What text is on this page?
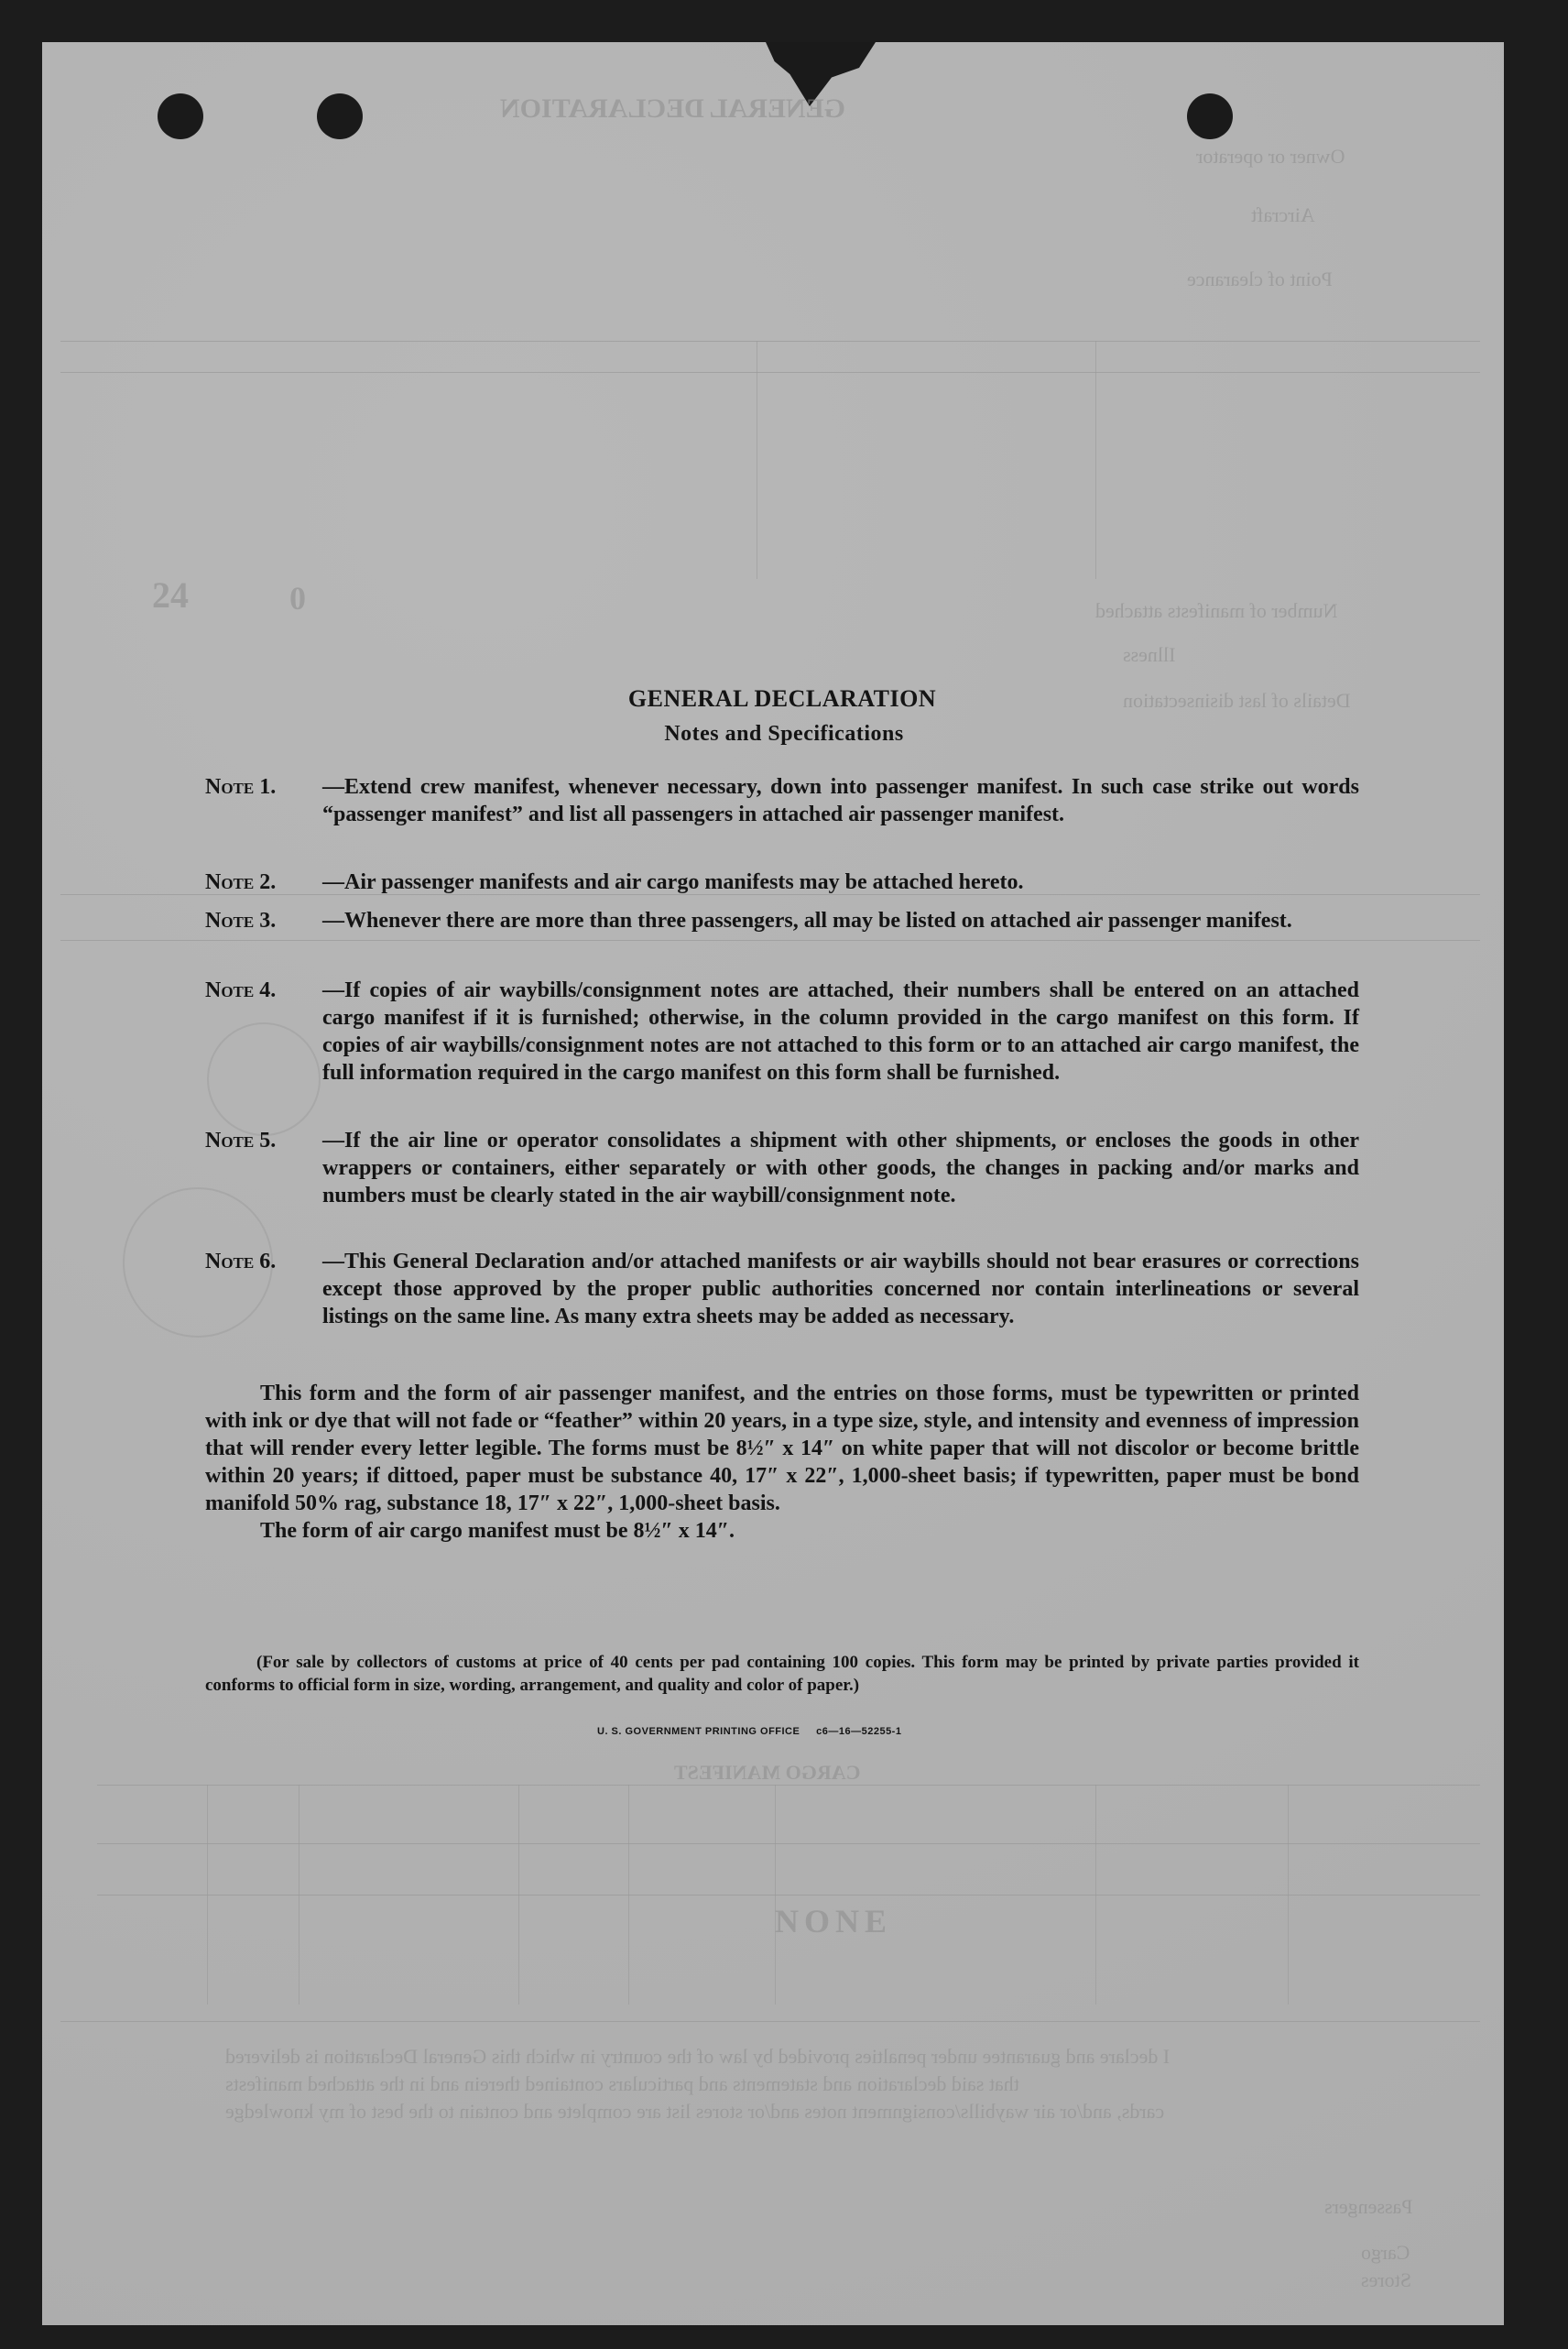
GENERAL DECLARATION
Owner or operator
Aircraft
Point of clearance
24	0	Number of manifests attached
Illness
Details of last disinsectation
CARGO MANIFEST
NONE
I declare and guarantee under penalties provided by law of the country in which this General Declaration is delivered
that said declaration and statements and particulars contained therein and in the attached manifests
cards, and/or air waybills/consignment notes and/or stores list are complete and contain to the best of my knowledge
Passengers
Cargo
Stores
GENERAL DECLARATION
Notes and Specifications
Note 1. —Extend crew manifest, whenever necessary, down into passenger manifest. In such case strike out words “passenger manifest” and list all passengers in attached air passenger manifest.
Note 2. —Air passenger manifests and air cargo manifests may be attached hereto.
Note 3. —Whenever there are more than three passengers, all may be listed on attached air passenger manifest.
Note 4. —If copies of air waybills/consignment notes are attached, their numbers shall be entered on an attached cargo manifest if it is furnished; otherwise, in the column provided in the cargo manifest on this form. If copies of air waybills/consignment notes are not attached to this form or to an attached air cargo manifest, the full information required in the cargo manifest on this form shall be furnished.
Note 5. —If the air line or operator consolidates a shipment with other shipments, or encloses the goods in other wrappers or containers, either separately or with other goods, the changes in packing and/or marks and numbers must be clearly stated in the air waybill/consignment note.
Note 6. —This General Declaration and/or attached manifests or air waybills should not bear erasures or corrections except those approved by the proper public authorities concerned nor contain interlineations or several listings on the same line. As many extra sheets may be added as necessary.

This form and the form of air passenger manifest, and the entries on those forms, must be typewritten or printed with ink or dye that will not fade or “feather” within 20 years, in a type size, style, and intensity and evenness of impression that will render every letter legible. The forms must be 8½″ x 14″ on white paper that will not discolor or become brittle within 20 years; if dittoed, paper must be substance 40, 17″ x 22″, 1,000-sheet basis; if typewritten, paper must be bond manifold 50% rag, substance 18, 17″ x 22″, 1,000-sheet basis.

The form of air cargo manifest must be 8½″ x 14″.

(For sale by collectors of customs at price of 40 cents per pad containing 100 copies. This form may be printed by private parties provided it conforms to official form in size, wording, arrangement, and quality and color of paper.)
U. S. GOVERNMENT PRINTING OFFICE     c6—16—52255-1
